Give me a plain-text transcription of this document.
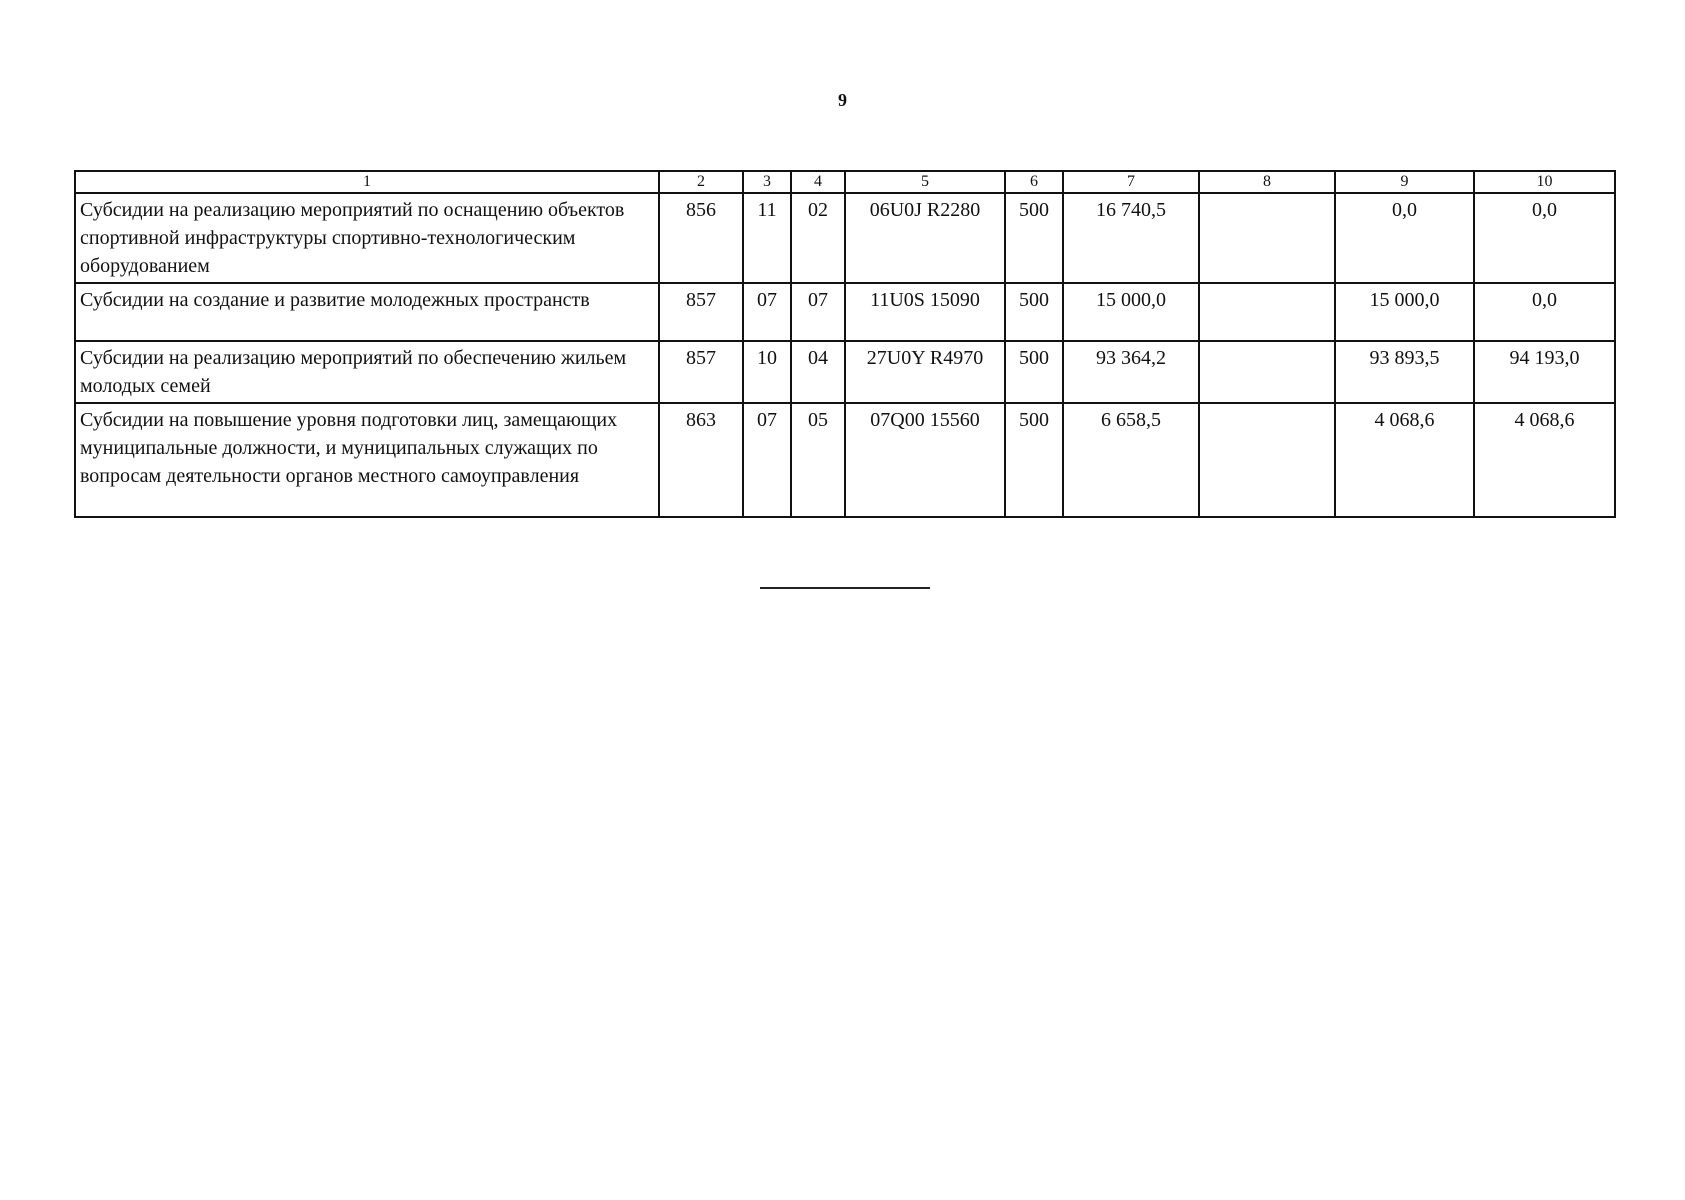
9
1	2	3	4	5	6	7	8	9	10
Субсидии на реализацию мероприятий по оснащению объектов спортивной инфраструктуры спортивно-технологическим оборудованием	856	11	02	06U0J R2280	500	16 740,5		0,0	0,0
Субсидии на создание и развитие молодежных пространств	857	07	07	11U0S 15090	500	15 000,0		15 000,0	0,0
Субсидии на реализацию мероприятий по обеспечению жильем молодых семей	857	10	04	27U0Y R4970	500	93 364,2		93 893,5	94 193,0
Субсидии на повышение уровня подготовки лиц, замещающих муниципальные должности, и муниципальных служащих по вопросам деятельности органов местного самоуправления	863	07	05	07Q00 15560	500	6 658,5		4 068,6	4 068,6
